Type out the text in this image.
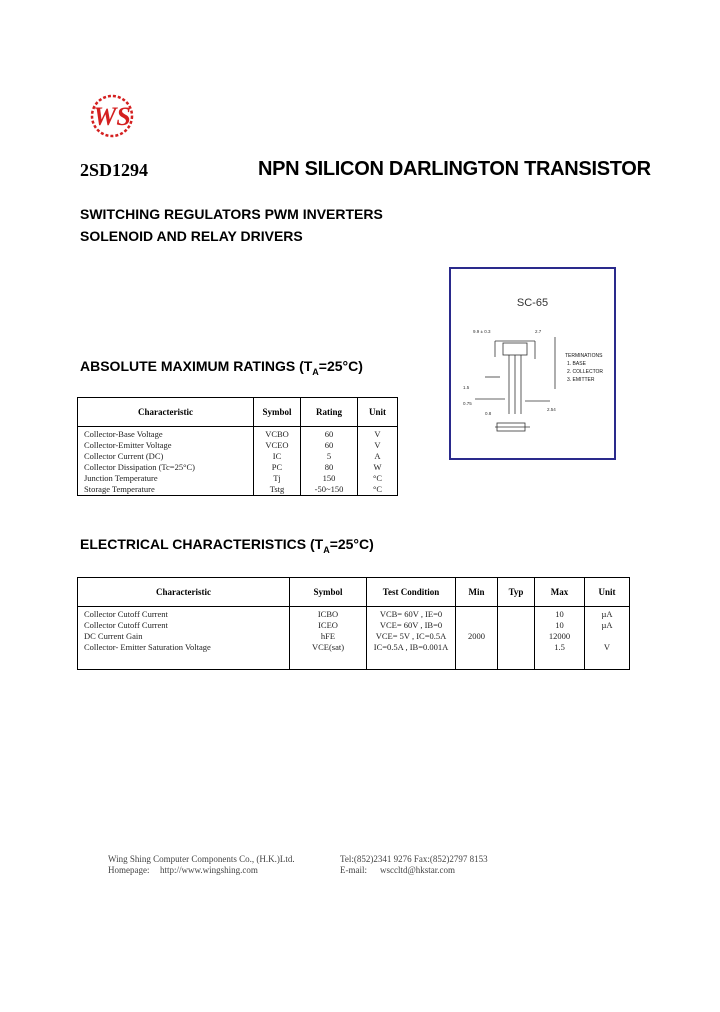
WS
2SD1294	NPN SILICON DARLINGTON TRANSISTOR
SWITCHING REGULATORS PWM INVERTERS
SOLENOID AND RELAY DRIVERS
SC-65
9.9 ± 0.3	2.7
1.5
0.75
0.8
2.54
TERMINATIONS
1. BASE
2. COLLECTOR
3. EMITTER
ABSOLUTE MAXIMUM RATINGS $(T_A=25^\circ C)$
Characteristic	Symbol	Rating	Unit
Collector-Base Voltage	VCBO	60	V
Collector-Emitter Voltage	VCEO	60	V
Collector Current (DC)	IC	5	A
Collector Dissipation (Tc=25°C)	PC	80	W
Junction Temperature	Tj	150	°C
Storage Temperature	Tstg	-50~150	°C
ELECTRICAL CHARACTERISTICS $(T_A=25^\circ C)$
Characteristic	Symbol	Test Condition	Min	Typ	Max	Unit
Collector Cutoff Current	ICBO	VCB= 60V , IE=0			10	µA
Collector Cutoff Current	ICEO	VCE= 60V , IB=0			10	µA
DC Current Gain	hFE	VCE= 5V , IC=0.5A	2000		12000	
Collector- Emitter Saturation Voltage	VCE(sat)	IC=0.5A , IB=0.001A			1.5	V

Wing Shing Computer Components Co., (H.K.)Ltd.	Tel:(852)2341 9276 Fax:(852)2797 8153
Homepage: http://www.wingshing.com	E-mail: wsccltd@hkstar.com
